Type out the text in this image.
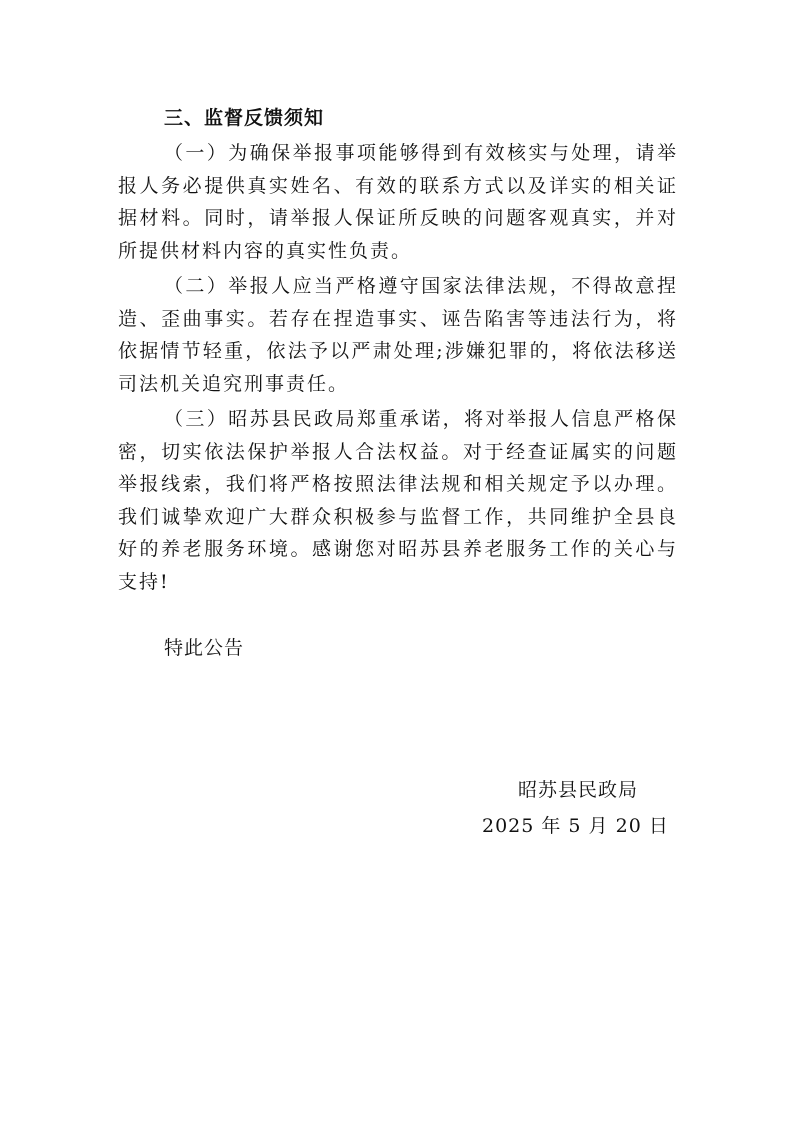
三、监督反馈须知

（一）为确保举报事项能够得到有效核实与处理，请举报人务必提供真实姓名、有效的联系方式以及详实的相关证据材料。同时，请举报人保证所反映的问题客观真实，并对所提供材料内容的真实性负责。

（二）举报人应当严格遵守国家法律法规，不得故意捏造、歪曲事实。若存在捏造事实、诬告陷害等违法行为，将依据情节轻重，依法予以严肃处理;涉嫌犯罪的，将依法移送司法机关追究刑事责任。

（三）昭苏县民政局郑重承诺，将对举报人信息严格保密，切实依法保护举报人合法权益。对于经查证属实的问题举报线索，我们将严格按照法律法规和相关规定予以办理。我们诚挚欢迎广大群众积极参与监督工作，共同维护全县良好的养老服务环境。感谢您对昭苏县养老服务工作的关心与支持!

特此公告
昭苏县民政局
2025 年 5 月 20 日
